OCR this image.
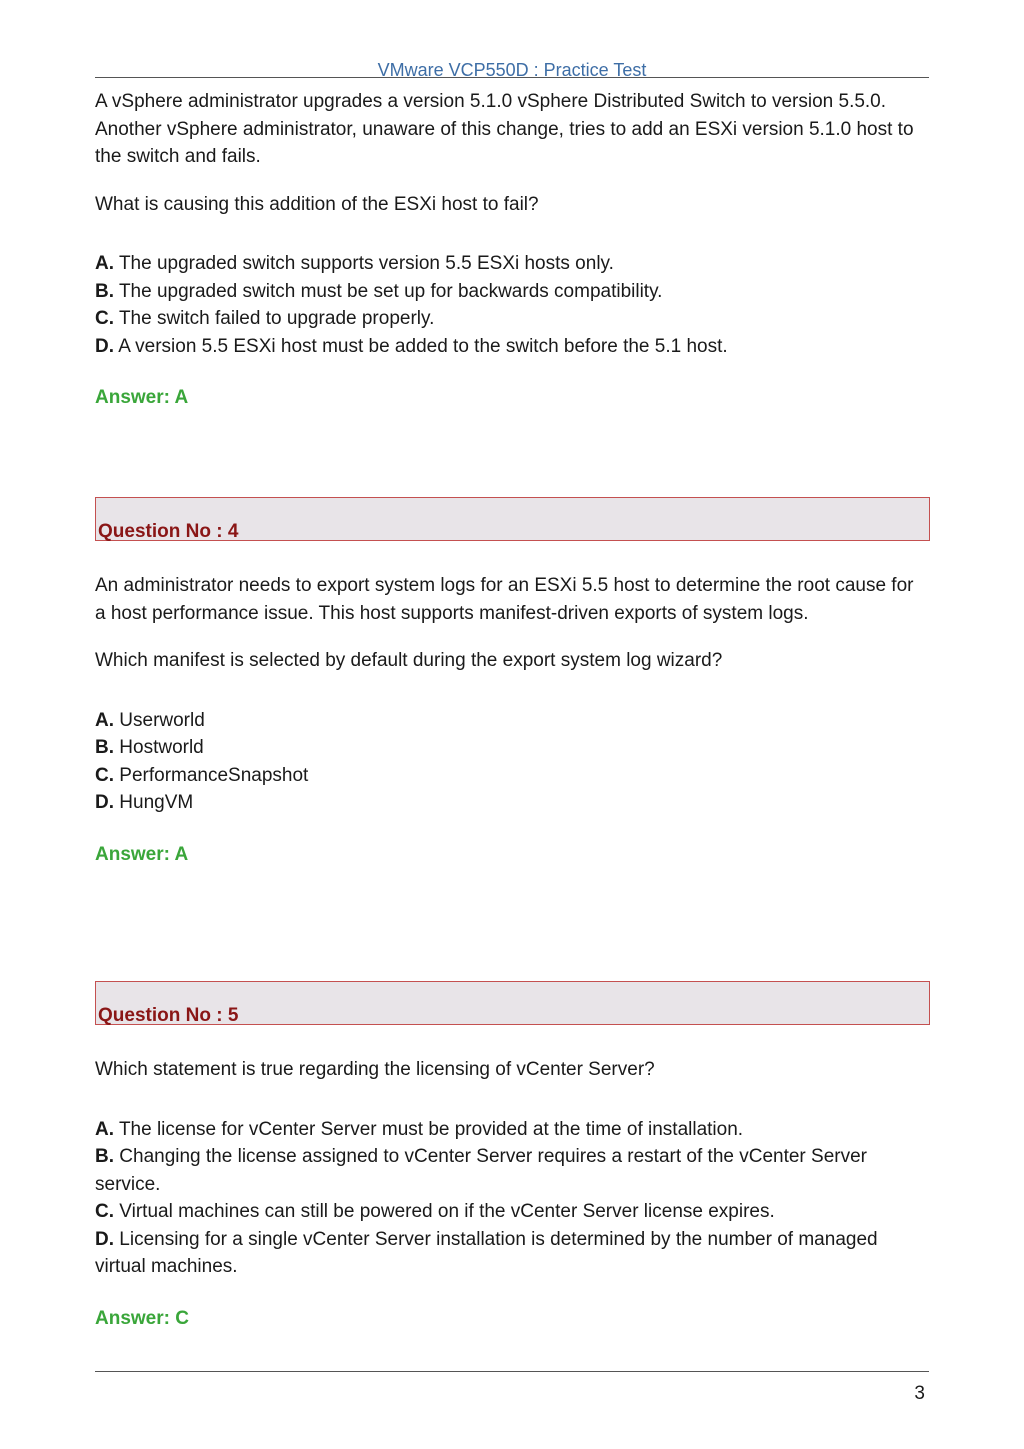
VMware VCP550D : Practice Test

A vSphere administrator upgrades a version 5.1.0 vSphere Distributed Switch to version 5.5.0. Another vSphere administrator, unaware of this change, tries to add an ESXi version 5.1.0 host to the switch and fails.

What is causing this addition of the ESXi host to fail?

A. The upgraded switch supports version 5.5 ESXi hosts only.
B. The upgraded switch must be set up for backwards compatibility.
C. The switch failed to upgrade properly.
D. A version 5.5 ESXi host must be added to the switch before the 5.1 host.
Answer: A
Question No : 4

An administrator needs to export system logs for an ESXi 5.5 host to determine the root cause for a host performance issue. This host supports manifest-driven exports of system logs.

Which manifest is selected by default during the export system log wizard?

A. Userworld
B. Hostworld
C. PerformanceSnapshot
D. HungVM
Answer: A
Question No : 5

Which statement is true regarding the licensing of vCenter Server?

A. The license for vCenter Server must be provided at the time of installation.
B. Changing the license assigned to vCenter Server requires a restart of the vCenter Server service.
C. Virtual machines can still be powered on if the vCenter Server license expires.
D. Licensing for a single vCenter Server installation is determined by the number of managed virtual machines.
Answer: C
3
